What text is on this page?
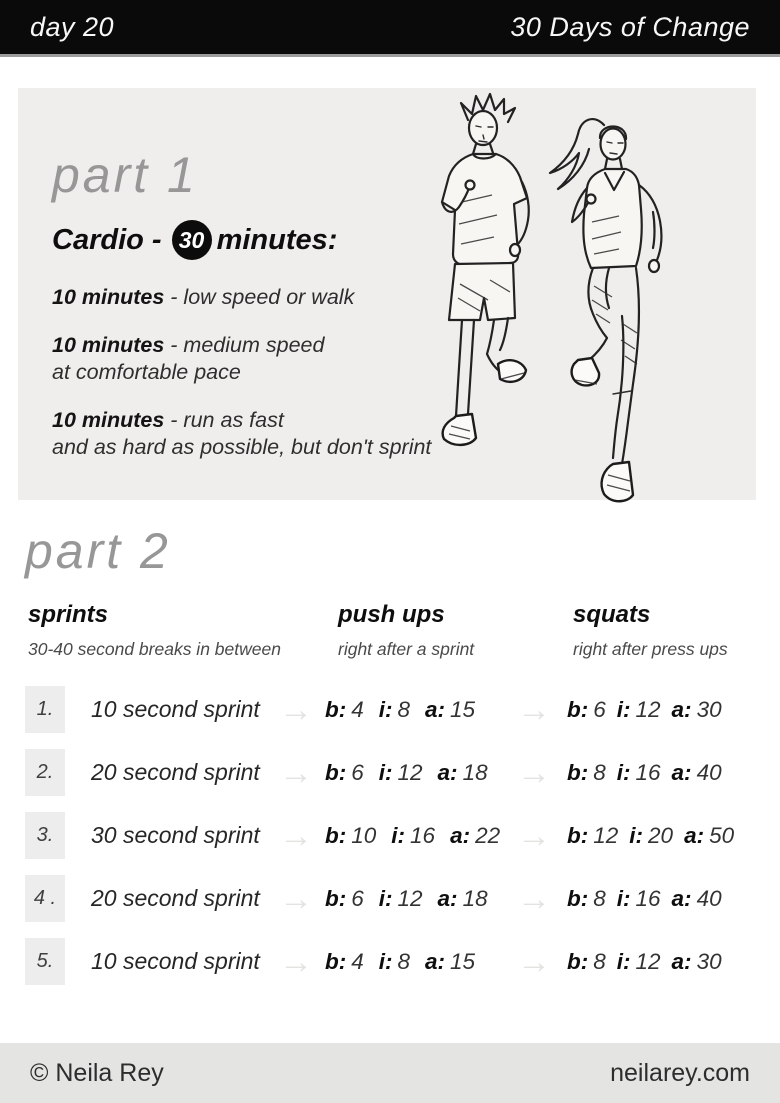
day 20	30 Days of Change
part 1
Cardio - 30 minutes:
10 minutes - low speed or walk
10 minutes - medium speed
at comfortable pace
10 minutes - run as fast
and as hard as possible, but don't sprint
part 2
sprints
30-40 second breaks in between
push ups
right after a sprint
squats
right after press ups
1.	10 second sprint → b: 4 i: 8 a: 15	→ b: 6 i: 12 a: 30
2.	20 second sprint → b: 6 i: 12 a: 18 → b: 8 i: 16 a: 40
3.	30 second sprint → b: 10 i: 16 a: 22 → b: 12 i: 20 a: 50
4 .	20 second sprint → b: 6 i: 12 a: 18 → b: 8 i: 16 a: 40
5.	10 second sprint → b: 4 i: 8 a: 15	→ b: 8 i: 12 a: 30
© Neila Rey	neilarey.com
